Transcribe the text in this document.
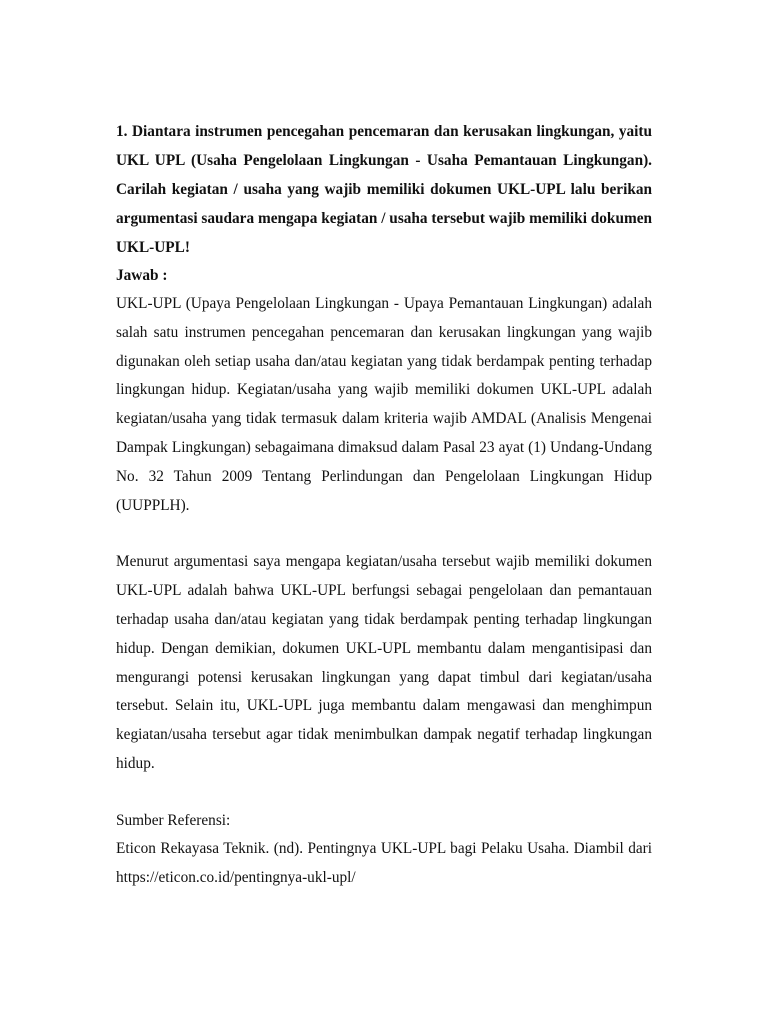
1. Diantara instrumen pencegahan pencemaran dan kerusakan lingkungan, yaitu UKL UPL (Usaha Pengelolaan Lingkungan - Usaha Pemantauan Lingkungan). Carilah kegiatan / usaha yang wajib memiliki dokumen UKL-UPL lalu berikan argumentasi saudara mengapa kegiatan / usaha tersebut wajib memiliki dokumen UKL-UPL!

Jawab :

UKL-UPL (Upaya Pengelolaan Lingkungan - Upaya Pemantauan Lingkungan) adalah salah satu instrumen pencegahan pencemaran dan kerusakan lingkungan yang wajib digunakan oleh setiap usaha dan/atau kegiatan yang tidak berdampak penting terhadap lingkungan hidup. Kegiatan/usaha yang wajib memiliki dokumen UKL-UPL adalah kegiatan/usaha yang tidak termasuk dalam kriteria wajib AMDAL (Analisis Mengenai Dampak Lingkungan) sebagaimana dimaksud dalam Pasal 23 ayat (1) Undang-Undang No. 32 Tahun 2009 Tentang Perlindungan dan Pengelolaan Lingkungan Hidup (UUPPLH).

Menurut argumentasi saya mengapa kegiatan/usaha tersebut wajib memiliki dokumen UKL-UPL adalah bahwa UKL-UPL berfungsi sebagai pengelolaan dan pemantauan terhadap usaha dan/atau kegiatan yang tidak berdampak penting terhadap lingkungan hidup. Dengan demikian, dokumen UKL-UPL membantu dalam mengantisipasi dan mengurangi potensi kerusakan lingkungan yang dapat timbul dari kegiatan/usaha tersebut. Selain itu, UKL-UPL juga membantu dalam mengawasi dan menghimpun kegiatan/usaha tersebut agar tidak menimbulkan dampak negatif terhadap lingkungan hidup.

Sumber Referensi:

Eticon Rekayasa Teknik. (nd). Pentingnya UKL-UPL bagi Pelaku Usaha. Diambil dari https://eticon.co.id/pentingnya-ukl-upl/
